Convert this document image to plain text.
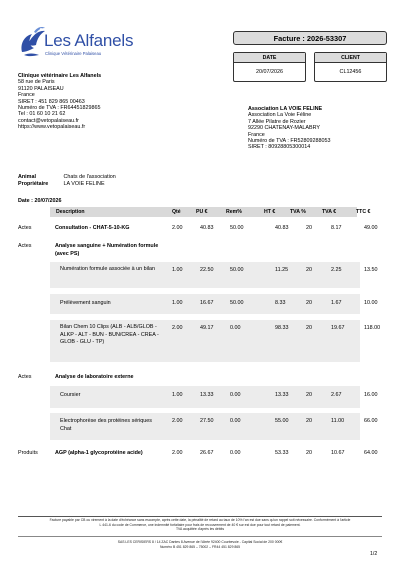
Les Alfanels
Clinique Vétérinaire Palaiseau
Facture : 2026-53307
DATE
20/07/2026
CLIENT
CL12456
Clinique vétérinaire Les Alfanels
58 rue de Paris
91120 PALAISEAU
France
SIRET : 451 829 865 00463
Numéro de TVA : FR64451829865
Tel : 01 60 10 21 62
contact@vetopalaiseau.fr
https://www.vetopalaiseau.fr
Association LA VOIE FELINE
Association La Voie Féline
7 Allée Pilatre de Rozier
92290 CHATENAY-MALABRY
France
Numéro de TVA : FR52809288053
SIRET : 80928805300014
Animal	Chats de l'association
Propriétaire	LA VOIE FELINE
Date : 20/07/2026
Description	Qté	PU €	Rem%	HT €	TVA %	TVA €	TTC €
Actes	Consultation - CHAT-5-10-KG	2.00	40.83	50.00	40.83	20	8.17	49.00
Actes	Analyse sanguine + Numération formule (avec PS)
Numération formule associée à un bilan	1.00	22.50	50.00	11.25	20	2.25	13.50
Prélèvement sanguin	1.00	16.67	50.00	8.33	20	1.67	10.00
Bilan Chem 10 Clips (ALB - ALB/GLOB - ALKP - ALT - BUN - BUN/CREA - CREA - GLOB - GLU - TP)
2.00	49.17	0.00	98.33	20	19.67	118.00
Actes	Analyse de laboratoire externe
Coursier	1.00	13.33	0.00	13.33	20	2.67	16.00
Electrophorèse des protéines sériques Chat
2.00	27.50	0.00	55.00	20	11.00	66.00
Produits	AGP (alpha-1 glycoprotéine acide)	2.00	26.67	0.00	53.33	20	10.67	64.00
Facture payable par CB ou virement à la date d'échéance sans escompte, après cette date, la pénalité de retard au taux de 10% l'an est due sans qu'un rappel soit nécessaire. Conformément à l'article
L 441-6 du code de Commerce, une indemnité forfaitaire pour frais de recouvrement de 40 € sur est due pour tout retard de paiement.
TVA acquittée d'après les débits
SAS LES CERISIERS 8 / 14 ZAC Dantes 8 Avenue de l'Atrée 92400 Courbevoie - Capital Social de 200 000€
Numéro B 451 829 865 – 75002 – FR44 451 829 865
1/2
